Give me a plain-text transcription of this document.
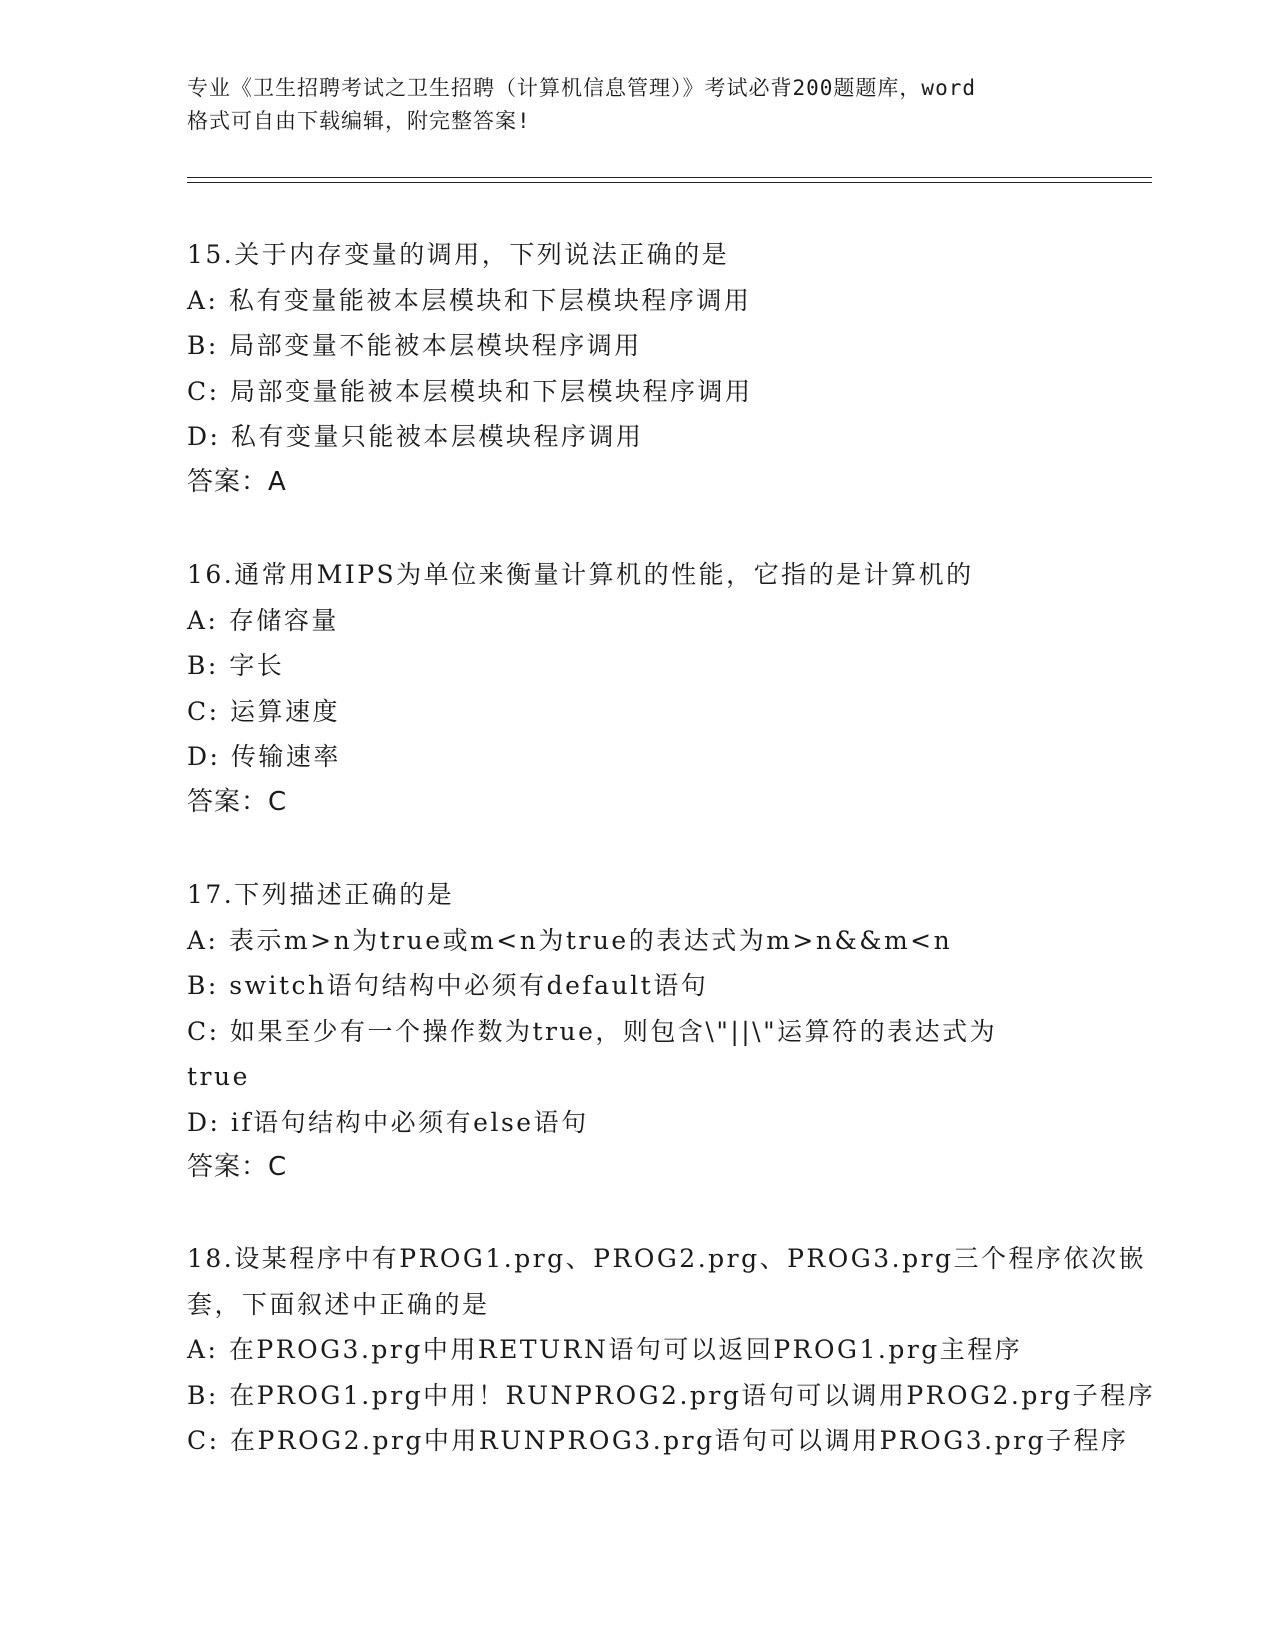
专业《卫生招聘考试之卫生招聘（计算机信息管理）》考试必背200题题库，word
格式可自由下载编辑，附完整答案!
15.关于内存变量的调用，下列说法正确的是
A: 私有变量能被本层模块和下层模块程序调用
B: 局部变量不能被本层模块程序调用
C: 局部变量能被本层模块和下层模块程序调用
D: 私有变量只能被本层模块程序调用
答案：A
16.通常用MIPS为单位来衡量计算机的性能，它指的是计算机的
A: 存储容量
B: 字长
C: 运算速度
D: 传输速率
答案：C
17.下列描述正确的是
A: 表示m>n为true或m<n为true的表达式为m>n&&m<n
B: switch语句结构中必须有default语句
C: 如果至少有一个操作数为true，则包含\"||\"运算符的表达式为
true
D: if语句结构中必须有else语句
答案：C
18.设某程序中有PROG1.prg、PROG2.prg、PROG3.prg三个程序依次嵌
套，下面叙述中正确的是
A: 在PROG3.prg中用RETURN语句可以返回PROG1.prg主程序
B: 在PROG1.prg中用！RUNPROG2.prg语句可以调用PROG2.prg子程序
C: 在PROG2.prg中用RUNPROG3.prg语句可以调用PROG3.prg子程序
